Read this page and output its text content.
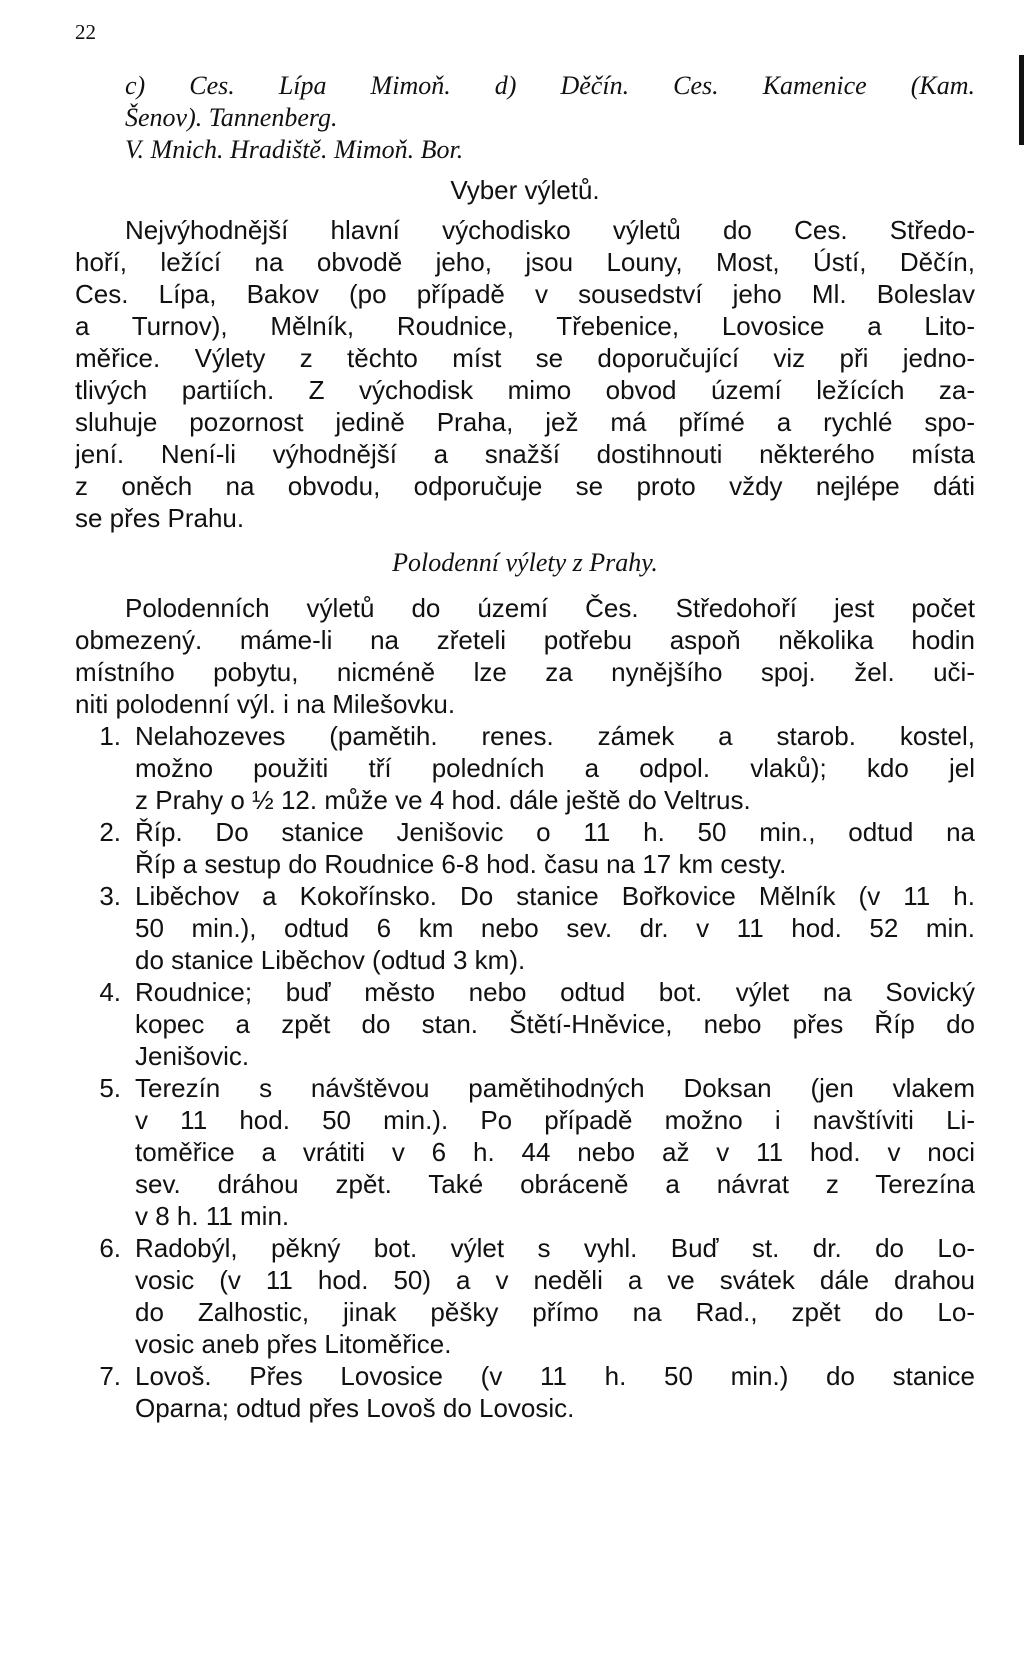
22
c) Ces. Lípa Mimoň. d) Děčín. Ces. Kamenice (Kam.
Šenov). Tannenberg.
V. Mnich. Hradiště. Mimoň. Bor.
Vyber výletů.
Nejvýhodnější hlavní východisko výletů do Ces. Středo-
hoří, ležící na obvodě jeho, jsou Louny, Most, Ústí, Děčín,
Ces. Lípa, Bakov (po případě v sousedství jeho Ml. Boleslav
a Turnov), Mělník, Roudnice, Třebenice, Lovosice a Lito-
měřice. Výlety z těchto míst se doporučující viz při jedno-
tlivých partiích. Z východisk mimo obvod území ležících za-
sluhuje pozornost jedině Praha, jež má přímé a rychlé spo-
jení. Není-li výhodnější a snažší dostihnouti některého místa
z oněch na obvodu, odporučuje se proto vždy nejlépe dáti
se přes Prahu.
Polodenní výlety z Prahy.
Polodenních výletů do území Čes. Středohoří jest počet
obmezený. máme-li na zřeteli potřebu aspoň několika hodin
místního pobytu, nicméně lze za nynějšího spoj. žel. uči-
niti polodenní výl. i na Milešovku.
1. Nelahozeves (pamětih. renes. zámek a starob. kostel,
možno použiti tří poledních a odpol. vlaků); kdo jel
z Prahy o ½ 12. může ve 4 hod. dále ještě do Veltrus.
2. Říp. Do stanice Jenišovic o 11 h. 50 min., odtud na
Říp a sestup do Roudnice 6-8 hod. času na 17 km cesty.
3. Liběchov a Kokořínsko. Do stanice Bořkovice Mělník (v 11 h.
50 min.), odtud 6 km nebo sev. dr. v 11 hod. 52 min.
do stanice Liběchov (odtud 3 km).
4. Roudnice; buď město nebo odtud bot. výlet na Sovický
kopec a zpět do stan. Štětí-Hněvice, nebo přes Říp do
Jenišovic.
5. Terezín s návštěvou pamětihodných Doksan (jen vlakem
v 11 hod. 50 min.). Po případě možno i navštíviti Li-
toměřice a vrátiti v 6 h. 44 nebo až v 11 hod. v noci
sev. dráhou zpět. Také obráceně a návrat z Terezína
v 8 h. 11 min.
6. Radobýl, pěkný bot. výlet s vyhl. Buď st. dr. do Lo-
vosic (v 11 hod. 50) a v neděli a ve svátek dále drahou
do Zalhostic, jinak pěšky přímo na Rad., zpět do Lo-
vosic aneb přes Litoměřice.
7. Lovoš. Přes Lovosice (v 11 h. 50 min.) do stanice
Oparna; odtud přes Lovoš do Lovosic.
